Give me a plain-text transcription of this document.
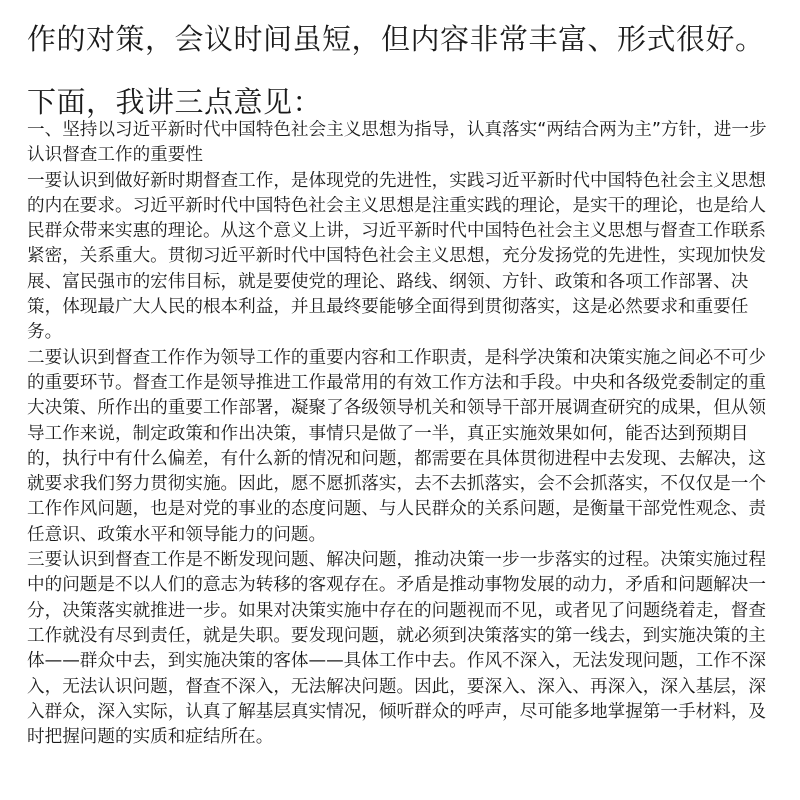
作的对策，会议时间虽短，但内容非常丰富、形式很好。下面，我讲三点意见：

一、坚持以习近平新时代中国特色社会主义思想为指导，认真落实“两结合两为主”方针，进一步认识督查工作的重要性

一要认识到做好新时期督查工作，是体现党的先进性，实践习近平新时代中国特色社会主义思想的内在要求。习近平新时代中国特色社会主义思想是注重实践的理论，是实干的理论，也是给人民群众带来实惠的理论。从这个意义上讲，习近平新时代中国特色社会主义思想与督查工作联系紧密，关系重大。贯彻习近平新时代中国特色社会主义思想，充分发扬党的先进性，实现加快发展、富民强市的宏伟目标，就是要使党的理论、路线、纲领、方针、政策和各项工作部署、决策，体现最广大人民的根本利益，并且最终要能够全面得到贯彻落实，这是必然要求和重要任务。

二要认识到督查工作作为领导工作的重要内容和工作职责，是科学决策和决策实施之间必不可少的重要环节。督查工作是领导推进工作最常用的有效工作方法和手段。中央和各级党委制定的重大决策、所作出的重要工作部署，凝聚了各级领导机关和领导干部开展调查研究的成果，但从领导工作来说，制定政策和作出决策，事情只是做了一半，真正实施效果如何，能否达到预期目的，执行中有什么偏差，有什么新的情况和问题，都需要在具体贯彻进程中去发现、去解决，这就要求我们努力贯彻实施。因此，愿不愿抓落实，去不去抓落实，会不会抓落实，不仅仅是一个工作作风问题，也是对党的事业的态度问题、与人民群众的关系问题，是衡量干部党性观念、责任意识、政策水平和领导能力的问题。

三要认识到督查工作是不断发现问题、解决问题，推动决策一步一步落实的过程。决策实施过程中的问题是不以人们的意志为转移的客观存在。矛盾是推动事物发展的动力，矛盾和问题解决一分，决策落实就推进一步。如果对决策实施中存在的问题视而不见，或者见了问题绕着走，督查工作就没有尽到责任，就是失职。要发现问题，就必须到决策落实的第一线去，到实施决策的主体——群众中去，到实施决策的客体——具体工作中去。作风不深入，无法发现问题，工作不深入，无法认识问题，督查不深入，无法解决问题。因此，要深入、深入、再深入，深入基层，深入群众，深入实际，认真了解基层真实情况，倾听群众的呼声，尽可能多地掌握第一手材料，及时把握问题的实质和症结所在。
